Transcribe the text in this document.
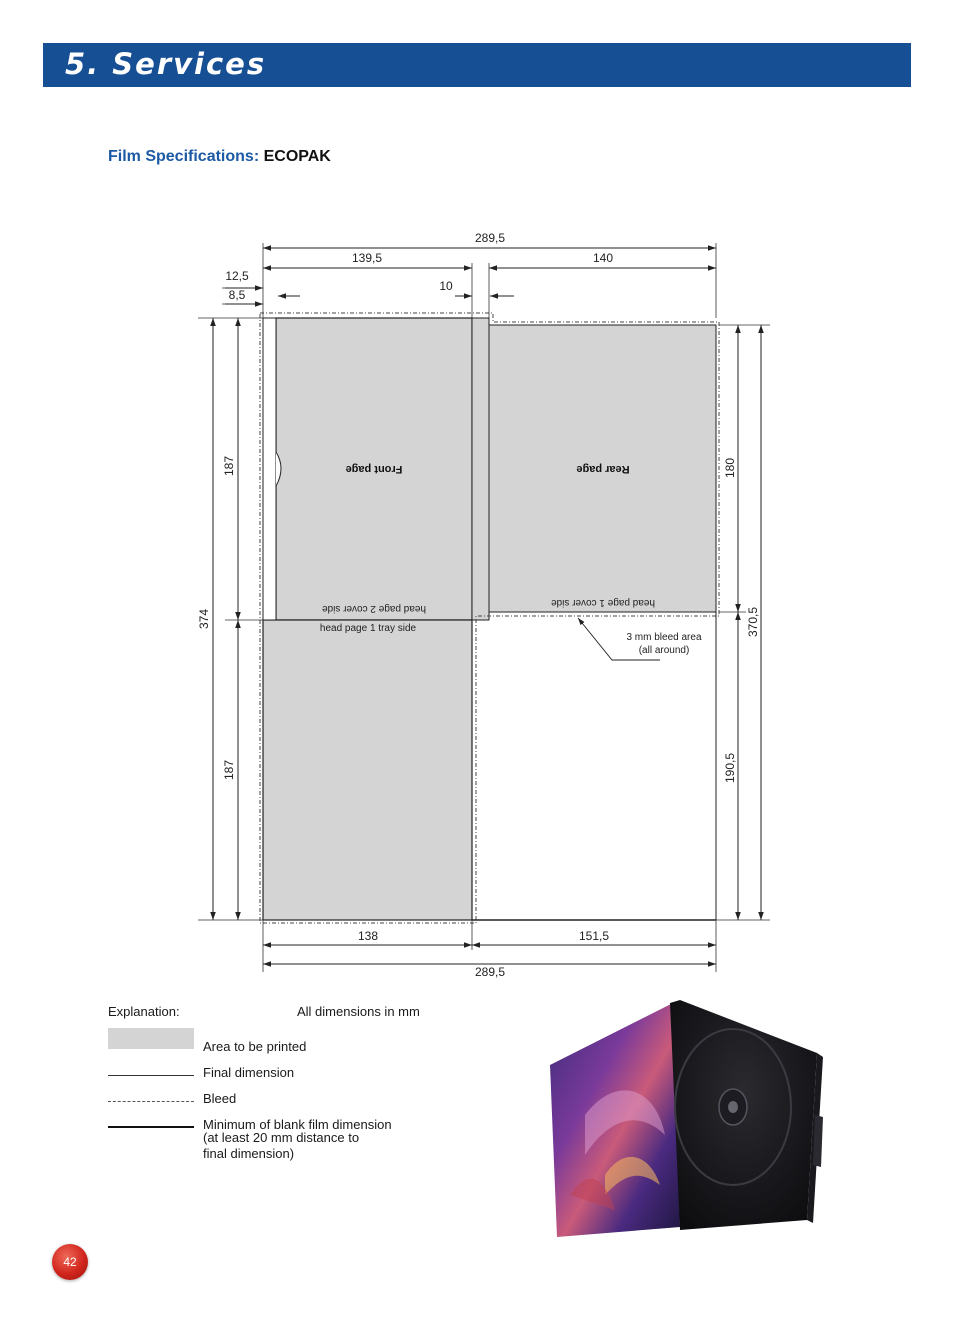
5. Services
Film Specifications: ECOPAK
289,5
139,5	140
12,5
8,5
10
138	151,5
289,5
374
187
187
180
370,5
190,5
Front page	Rear page
head page 2 cover side
head page 1 cover side
head page 1 tray side
3 mm bleed area
(all around)
Explanation:	All dimensions in mm
Area to be printed
Final dimension
Bleed
Minimum of blank film dimension
(at least 20 mm distance to
final dimension)
42
